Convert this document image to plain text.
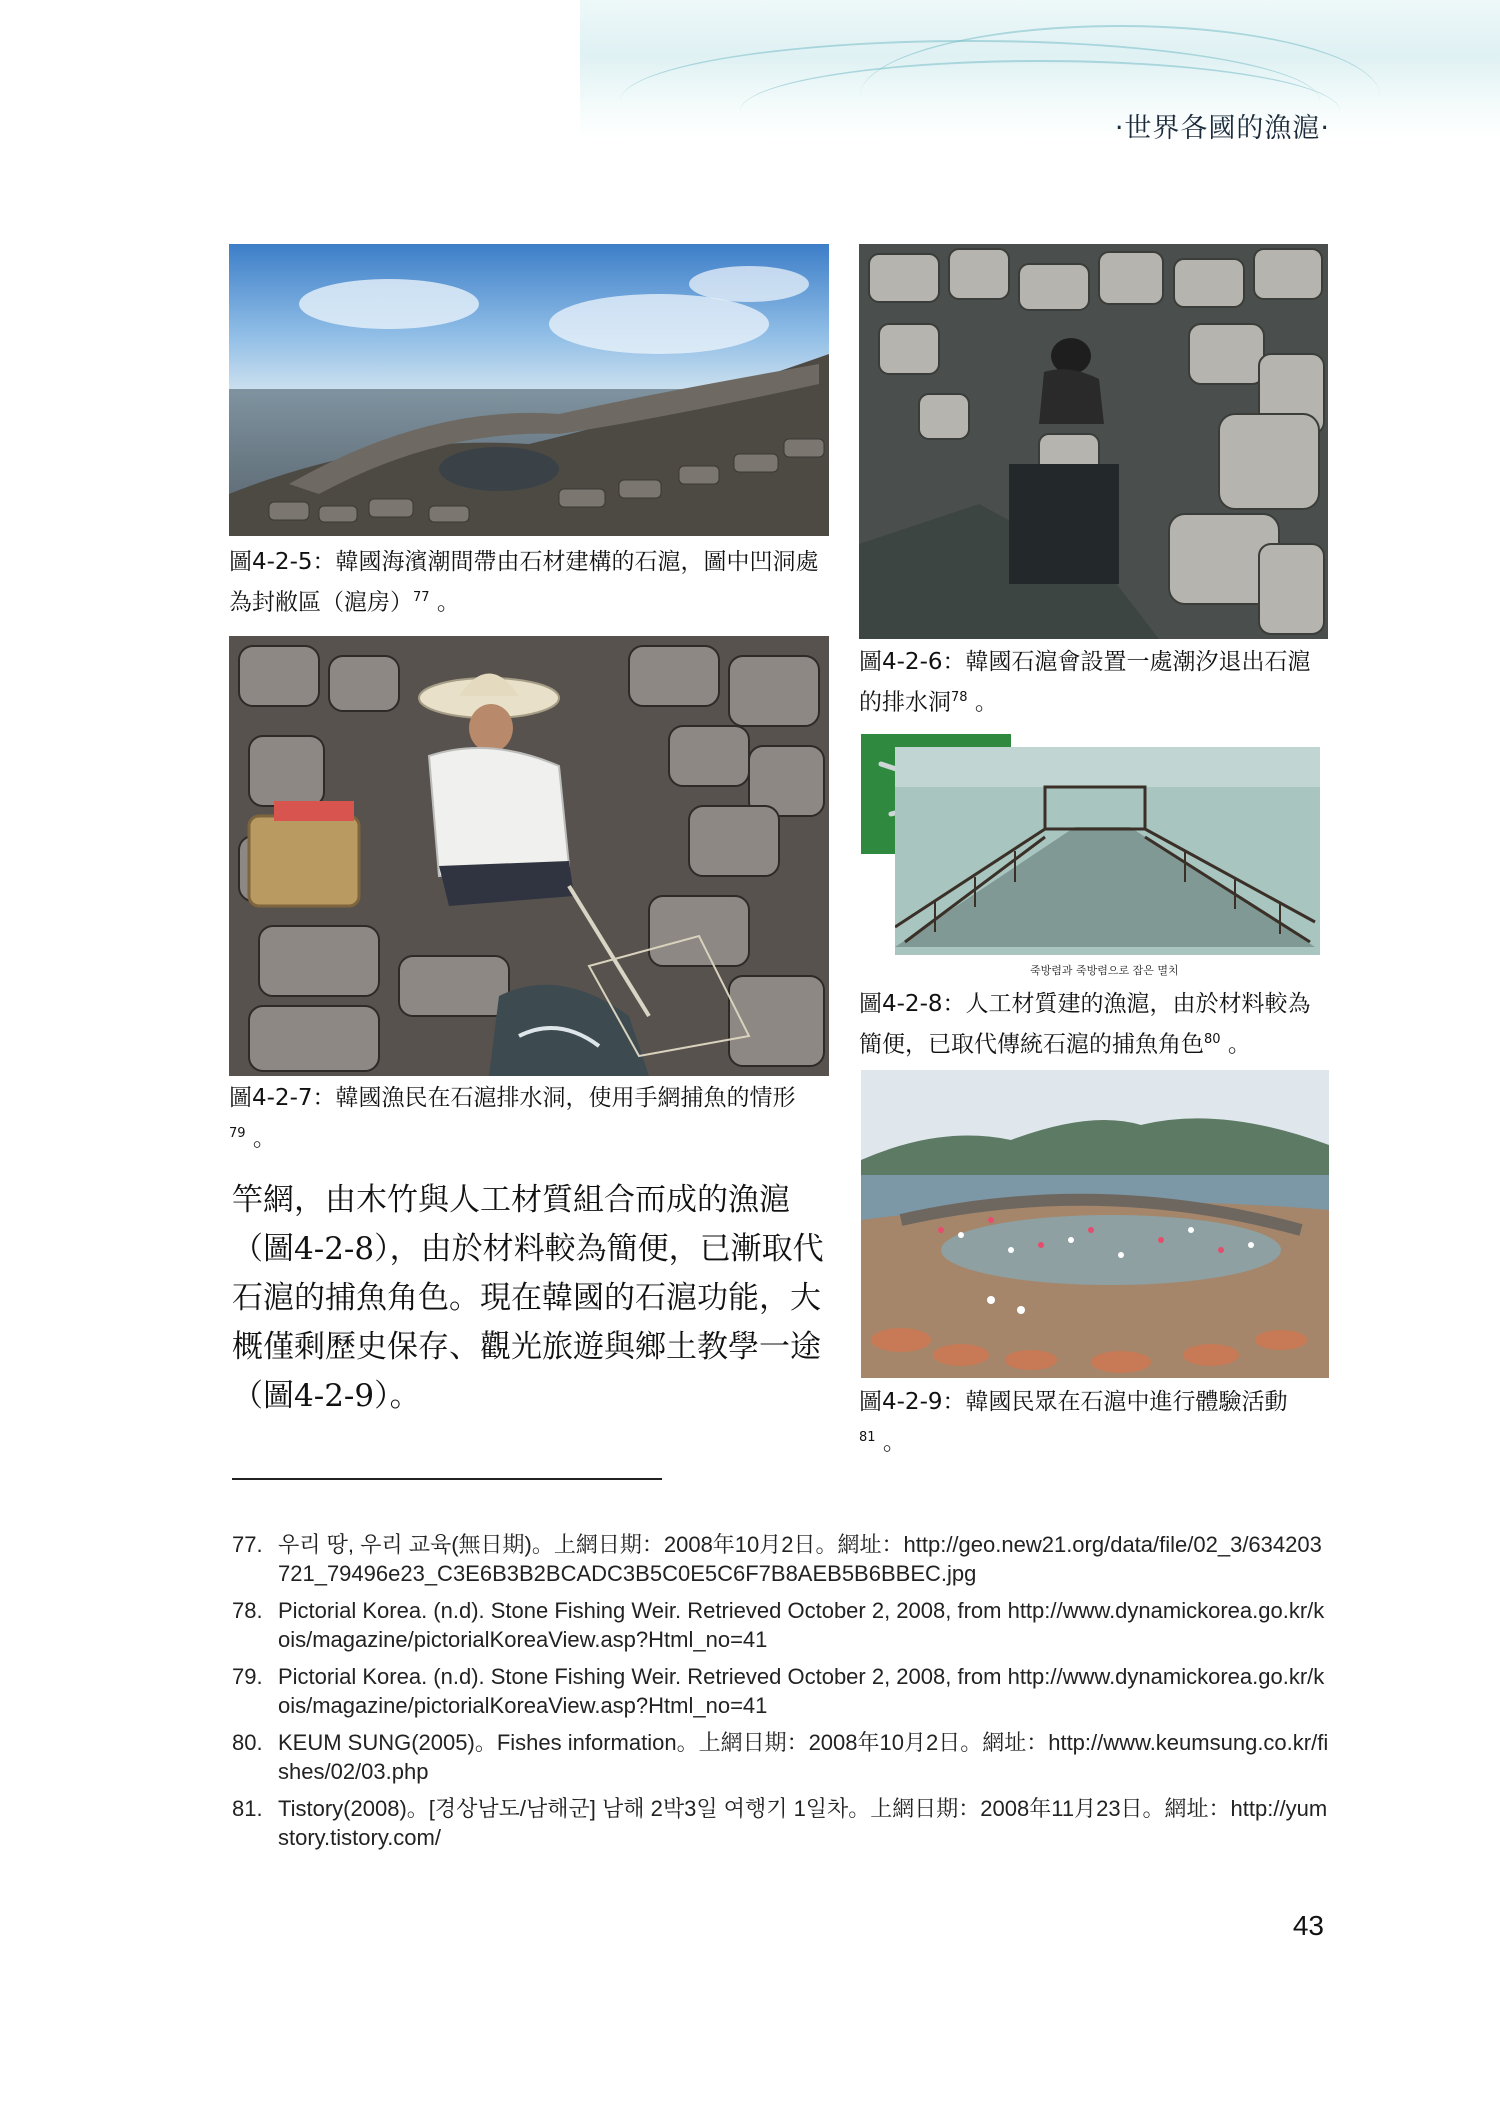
‧世界各國的漁滬‧
圖4-2-5：韓國海濱潮間帶由石材建構的石滬，圖中凹洞處為封敝區（滬房）$^{77}$ 。
圖4-2-6：韓國石滬會設置一處潮汐退出石滬的排水洞$^{78}$ 。
圖4-2-7：韓國漁民在石滬排水洞，使用手網捕魚的情形
$^{79}$ 。
죽방렴과 죽방렴으로 잡은 멸치
圖4-2-8：人工材質建的漁滬，由於材料較為簡便，已取代傳統石滬的捕魚角色$^{80}$ 。
圖4-2-9：韓國民眾在石滬中進行體驗活動
$^{81}$ 。
竿網，由木竹與人工材質組合而成的漁滬（圖4-2-8），由於材料較為簡便，已漸取代石滬的捕魚角色。現在韓國的石滬功能，大概僅剩歷史保存、觀光旅遊與鄉土教學一途（圖4-2-9）。
77. 우리 땅, 우리 교육(無日期)。上網日期：2008年10月2日。網址：http://geo.new21.org/data/file/02_3/634203721_79496e23_C3E6B3B2BCADC3B5C0E5C6F7B8AEB5B6BBEC.jpg
78. Pictorial Korea. (n.d). Stone Fishing Weir. Retrieved October 2, 2008, from http://www.dynamickorea.go.kr/kois/magazine/pictorialKoreaView.asp?Html_no=41
79. Pictorial Korea. (n.d). Stone Fishing Weir. Retrieved October 2, 2008, from http://www.dynamickorea.go.kr/kois/magazine/pictorialKoreaView.asp?Html_no=41
80. KEUM SUNG(2005)。Fishes information。上網日期：2008年10月2日。網址：http://www.keumsung.co.kr/fishes/02/03.php
81. Tistory(2008)。[경상남도/남해군] 남해 2박3일 여행기 1일차。上網日期：2008年11月23日。網址：http://yumstory.tistory.com/
43
